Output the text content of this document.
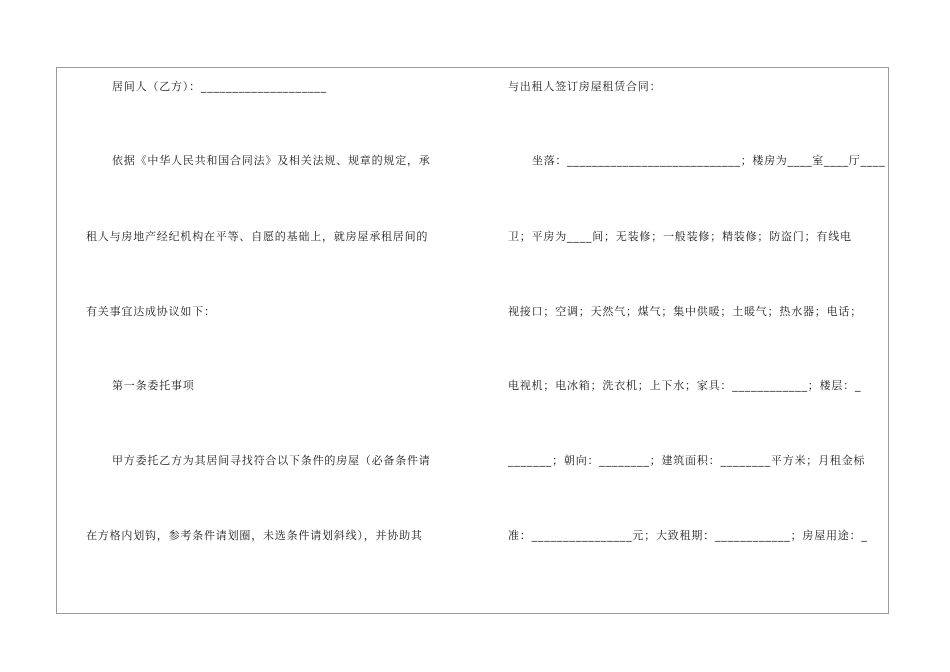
居间人（乙方）：____________________
依据《中华人民共和国合同法》及相关法规、规章的规定，承
租人与房地产经纪机构在平等、自愿的基础上，就房屋承租居间的
有关事宜达成协议如下：
第一条委托事项
甲方委托乙方为其居间寻找符合以下条件的房屋（必备条件请
在方格内划钩，参考条件请划圈，未选条件请划斜线），并协助其
与出租人签订房屋租赁合同：
坐落：____________________________；楼房为____室____厅____
卫；平房为____间；无装修；一般装修；精装修；防盗门；有线电
视接口；空调；天然气；煤气；集中供暖；土暖气；热水器；电话；
电视机；电冰箱；洗衣机；上下水；家具：____________；楼层：_
_______；朝向：________；建筑面积：________平方米；月租金标
准：________________元；大致租期：____________；房屋用途：_
